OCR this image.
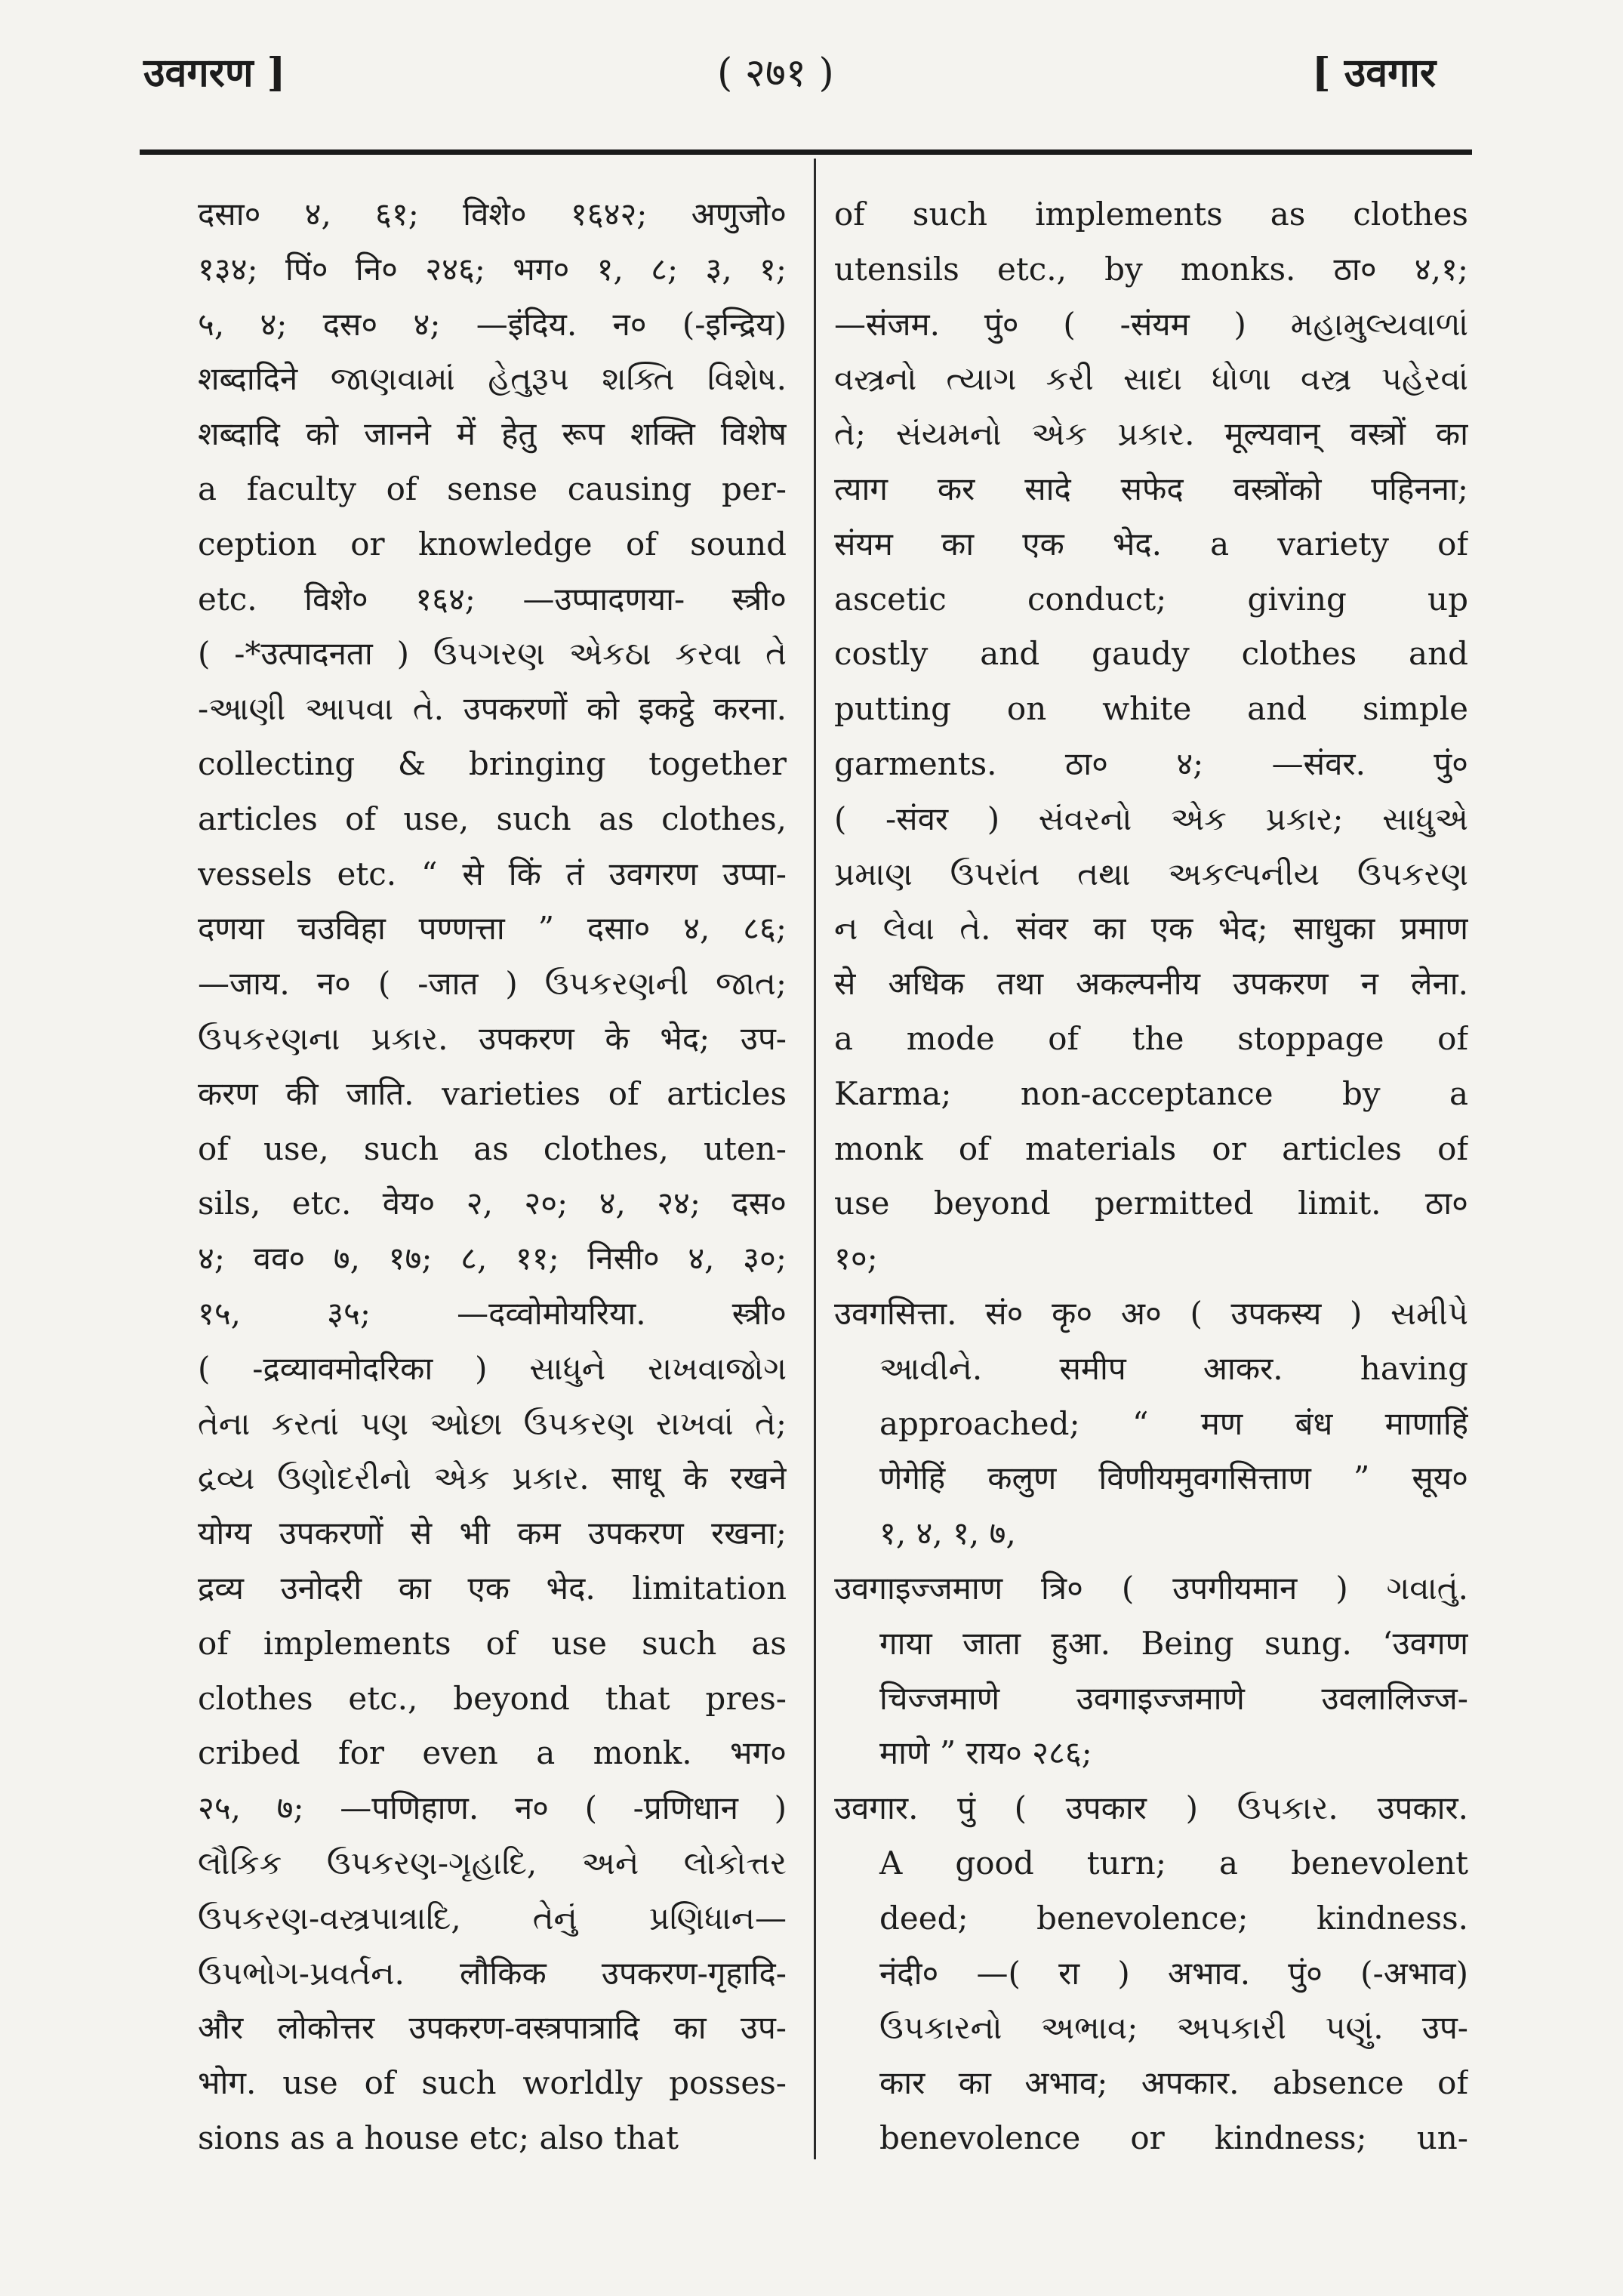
उवगरण ]	( २७१ )	[ उवगार
दसा० ४, ६१; विशे० १६४२; अणुजो०
१३४; पिं० नि० २४६; भग० १, ८; ३, १;
५, ४; दस० ४; —इंदिय. न० (-इन्द्रिय)
शब्दादिने જાણવામાં હેતુરૂપ શક્તિ વિશેષ.
शब्दादि को जानने में हेतु रूप शक्ति विशेष
a faculty of sense causing per-
ception or knowledge of sound
etc. विशे० १६४; —उप्पादणया- स्त्री०
( -*उत्पादनता ) ઉપગરણ એકઠા કરવા તે
-આણી આપવા તે. उपकरणों को इकट्ठे करना.
collecting & bringing together
articles of use, such as clothes,
vessels etc. “ से किं तं उवगरण उप्पा-
दणया चउविहा पण्णत्ता ” दसा० ४, ८६;
—जाय. न० ( -जात ) ઉપકરણની જાત;
ઉપકરણના પ્રકાર. उपकरण के भेद; उप-
करण की जाति. varieties of articles
of use, such as clothes, uten-
sils, etc. वेय० २, २०; ४, २४; दस०
४; वव० ७, १७; ८, ११; निसी० ४, ३०;
१५, ३५; —दव्वोमोयरिया. स्त्री०
( -द्रव्यावमोदरिका ) સાધુને રાખવાજોગ
તેના કરતાં પણ ઓછા ઉપકરણ રાખવાં તે;
દ્રવ્ય ઉણોદરીનો એક પ્રકાર. साधू के रखने
योग्य उपकरणों से भी कम उपकरण रखना;
द्रव्य उनोदरी का एक भेद. limitation
of implements of use such as
clothes etc., beyond that pres-
cribed for even a monk. भग०
२५, ७; —पणिहाण. न० ( -प्रणिधान )
લૌકિક ઉપકરણ-ગૃહાદિ, અને લોકોત્તર
ઉપકરણ-વસ્ત્રપાત્રાદિ, તેનું પ્રણિધાન—
ઉપભોગ-પ્રવર્તન. लौकिक उपकरण-गृहादि-
और लोकोत्तर उपकरण-वस्त्रपात्रादि का उप-
भोग. use of such worldly posses-
sions as a house etc; also that
of such implements as clothes
utensils etc., by monks. ठा० ४,१;
—संजम. पुं० ( -संयम ) મહામુલ્યવાળાં
વસ્ત્રનો ત્યાગ કરી સાદા ધોળા વસ્ત્ર પહેરવાં
તે; સંયમનો એક પ્રકાર. मूल्यवान् वस्त्रों का
त्याग कर सादे सफेद वस्त्रोंको पहिनना;
संयम का एक भेद. a variety of
ascetic conduct; giving up
costly and gaudy clothes and
putting on white and simple
garments. ठा० ४; —संवर. पुं०
( -संवर ) સંવરનો એક પ્રકાર; સાધુએ
પ્રમાણ ઉપરાંત તથા અકલ્પનીય ઉપકરણ
ન લેવા તે. संवर का एक भेद; साधुका प्रमाण
से अधिक तथा अकल्पनीय उपकरण न लेना.
a mode of the stoppage of
Karma; non-acceptance by a
monk of materials or articles of
use beyond permitted limit. ठा०
१०;
उवगसित्ता. सं० कृ० अ० ( उपकस्य ) સમીપે
આવીને. समीप आकर. having
approached; “ मण बंध माणाहिं
णेगेहिं कलुण विणीयमुवगसित्ताण ” सूय०
१, ४, १, ७,
उवगाइज्जमाण त्रि० ( उपगीयमान ) ગવાતું.
गाया जाता हुआ. Being sung. ‘उवगण
चिज्जमाणे उवगाइज्जमाणे उवलालिज्ज-
माणे ” राय० २८६;
उवगार. पुं ( उपकार ) ઉપકાર. उपकार.
A good turn; a benevolent
deed; benevolence; kindness.
नंदी० —( रा ) अभाव. पुं० (-अभाव)
ઉપકારનો અભાવ; અપકારી પણું. उप-
कार का अभाव; अपकार. absence of
benevolence or kindness; un-
